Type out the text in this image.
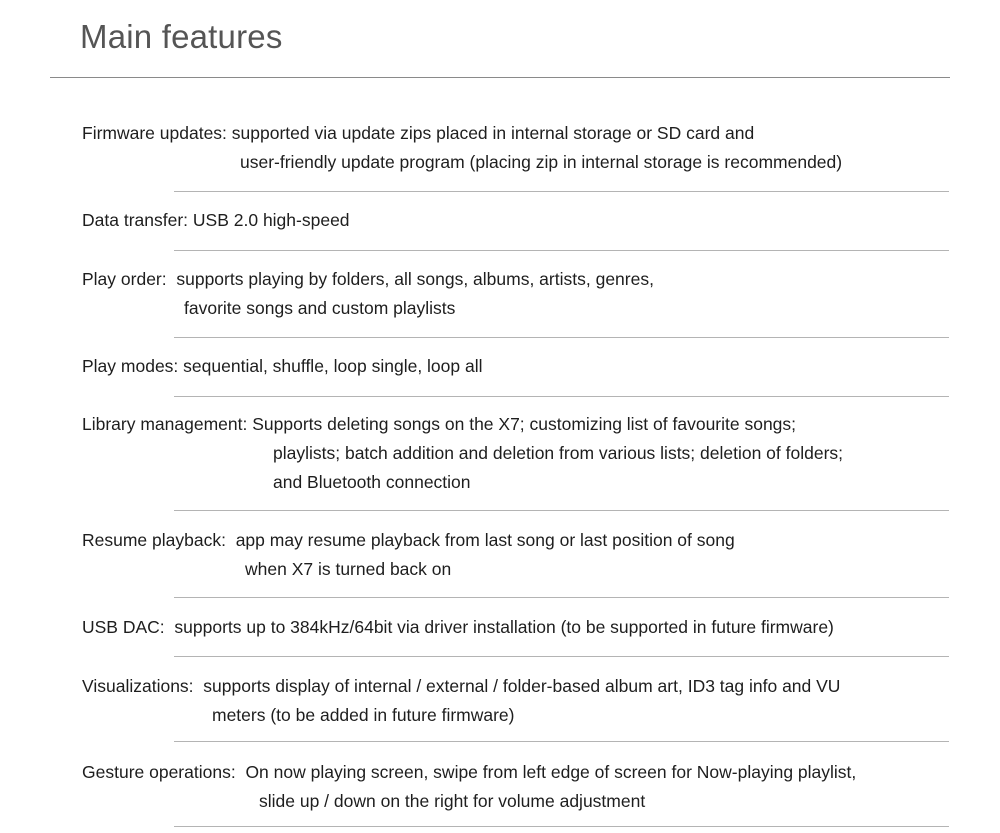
Main features
Firmware updates: supported via update zips placed in internal storage or SD card and
user-friendly update program (placing zip in internal storage is recommended)
Data transfer: USB 2.0 high-speed
Play order: supports playing by folders, all songs, albums, artists, genres,
favorite songs and custom playlists
Play modes: sequential, shuffle, loop single, loop all
Library management: Supports deleting songs on the X7; customizing list of favourite songs;
playlists; batch addition and deletion from various lists; deletion of folders;
and Bluetooth connection
Resume playback: app may resume playback from last song or last position of song
when X7 is turned back on
USB DAC: supports up to 384kHz/64bit via driver installation (to be supported in future firmware)
Visualizations: supports display of internal / external / folder-based album art, ID3 tag info and VU
meters (to be added in future firmware)
Gesture operations: On now playing screen, swipe from left edge of screen for Now-playing playlist,
slide up / down on the right for volume adjustment
